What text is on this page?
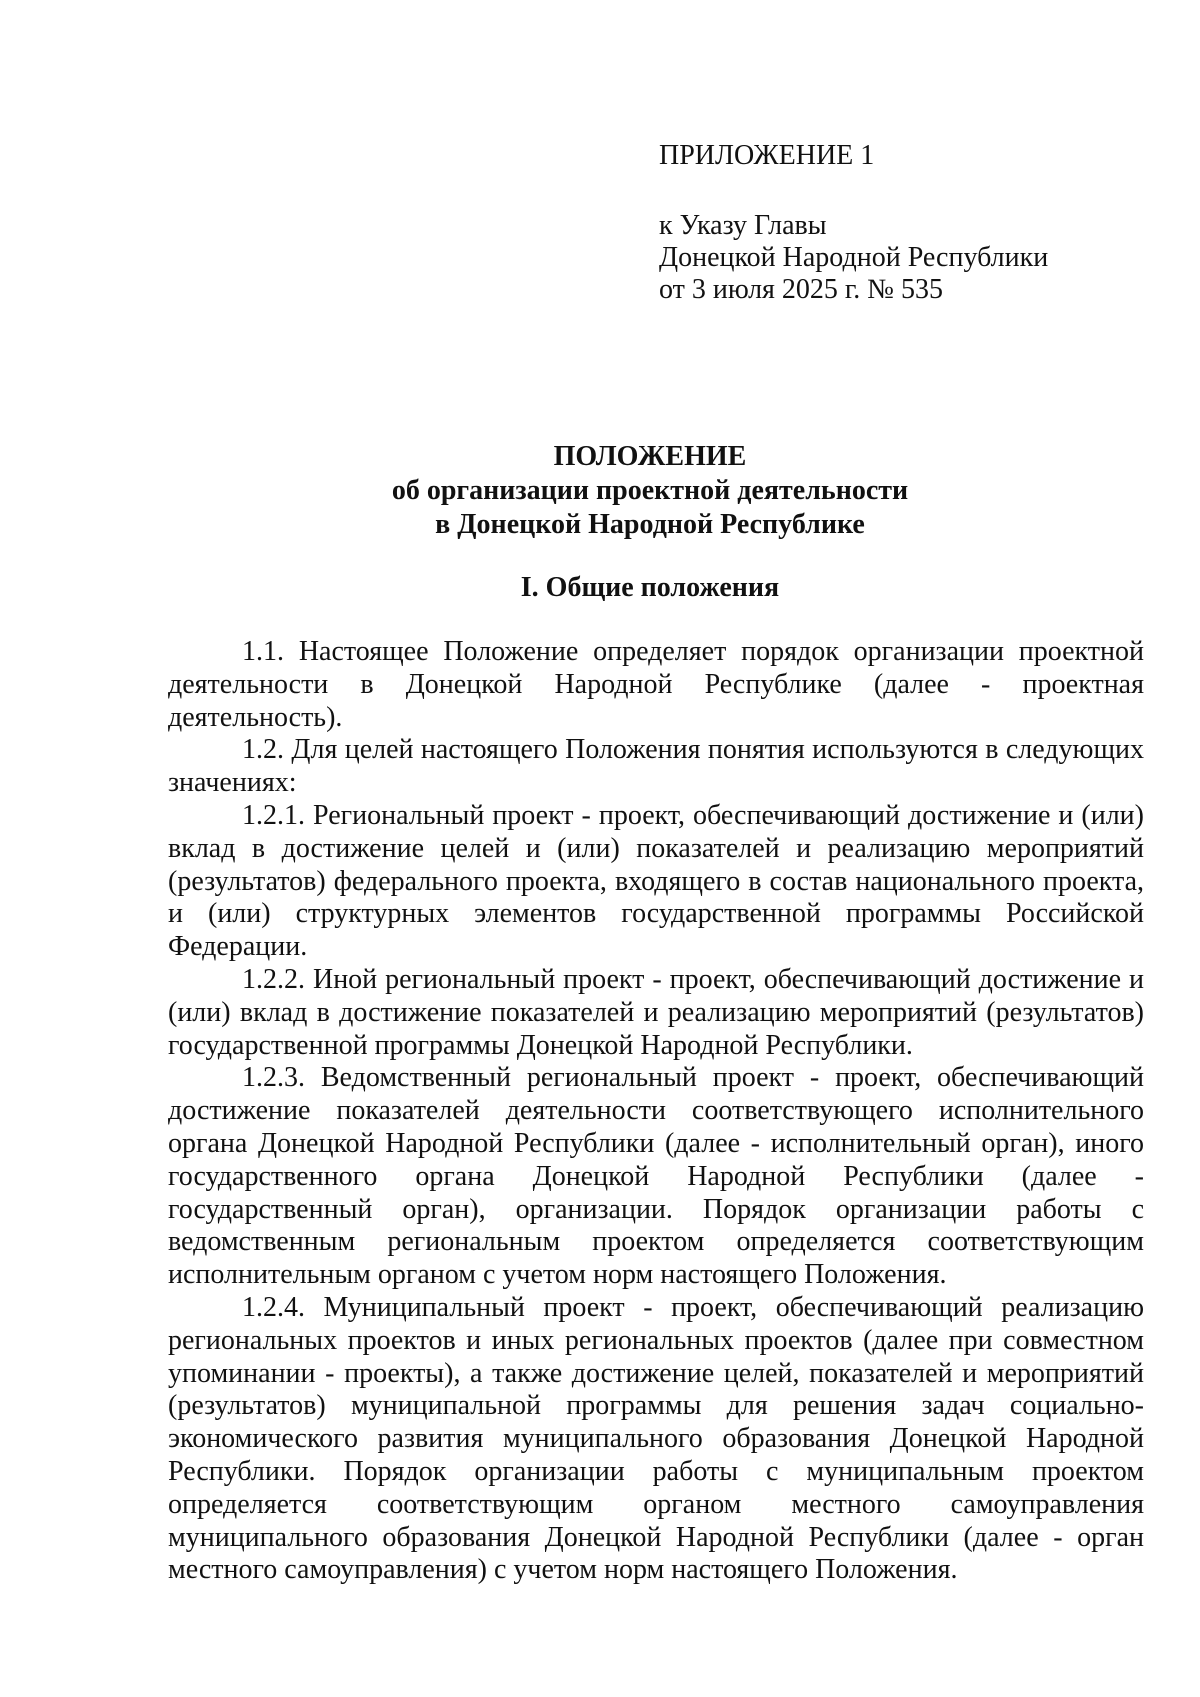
ПРИЛОЖЕНИЕ 1

к Указу Главы

Донецкой Народной Республики

от 3 июля 2025 г. № 535

ПОЛОЖЕНИЕ

об организации проектной деятельности

в Донецкой Народной Республике

I. Общие положения

1.1. Настоящее Положение определяет порядок организации проектной деятельности в Донецкой Народной Республике (далее - проектная деятельность).

1.2. Для целей настоящего Положения понятия используются в следующих значениях:

1.2.1. Региональный проект - проект, обеспечивающий достижение и (или) вклад в достижение целей и (или) показателей и реализацию мероприятий (результатов) федерального проекта, входящего в состав национального проекта, и (или) структурных элементов государственной программы Российской Федерации.

1.2.2. Иной региональный проект - проект, обеспечивающий достижение и (или) вклад в достижение показателей и реализацию мероприятий (результатов) государственной программы Донецкой Народной Республики.

1.2.3. Ведомственный региональный проект - проект, обеспечивающий достижение показателей деятельности соответствующего исполнительного органа Донецкой Народной Республики (далее - исполнительный орган), иного государственного органа Донецкой Народной Республики (далее - государственный орган), организации. Порядок организации работы с ведомственным региональным проектом определяется соответствующим исполнительным органом с учетом норм настоящего Положения.

1.2.4. Муниципальный проект - проект, обеспечивающий реализацию региональных проектов и иных региональных проектов (далее при совместном упоминании - проекты), а также достижение целей, показателей и мероприятий (результатов) муниципальной программы для решения задач социально-экономического развития муниципального образования Донецкой Народной Республики. Порядок организации работы с муниципальным проектом определяется соответствующим органом местного самоуправления муниципального образования Донецкой Народной Республики (далее - орган местного самоуправления) с учетом норм настоящего Положения.
